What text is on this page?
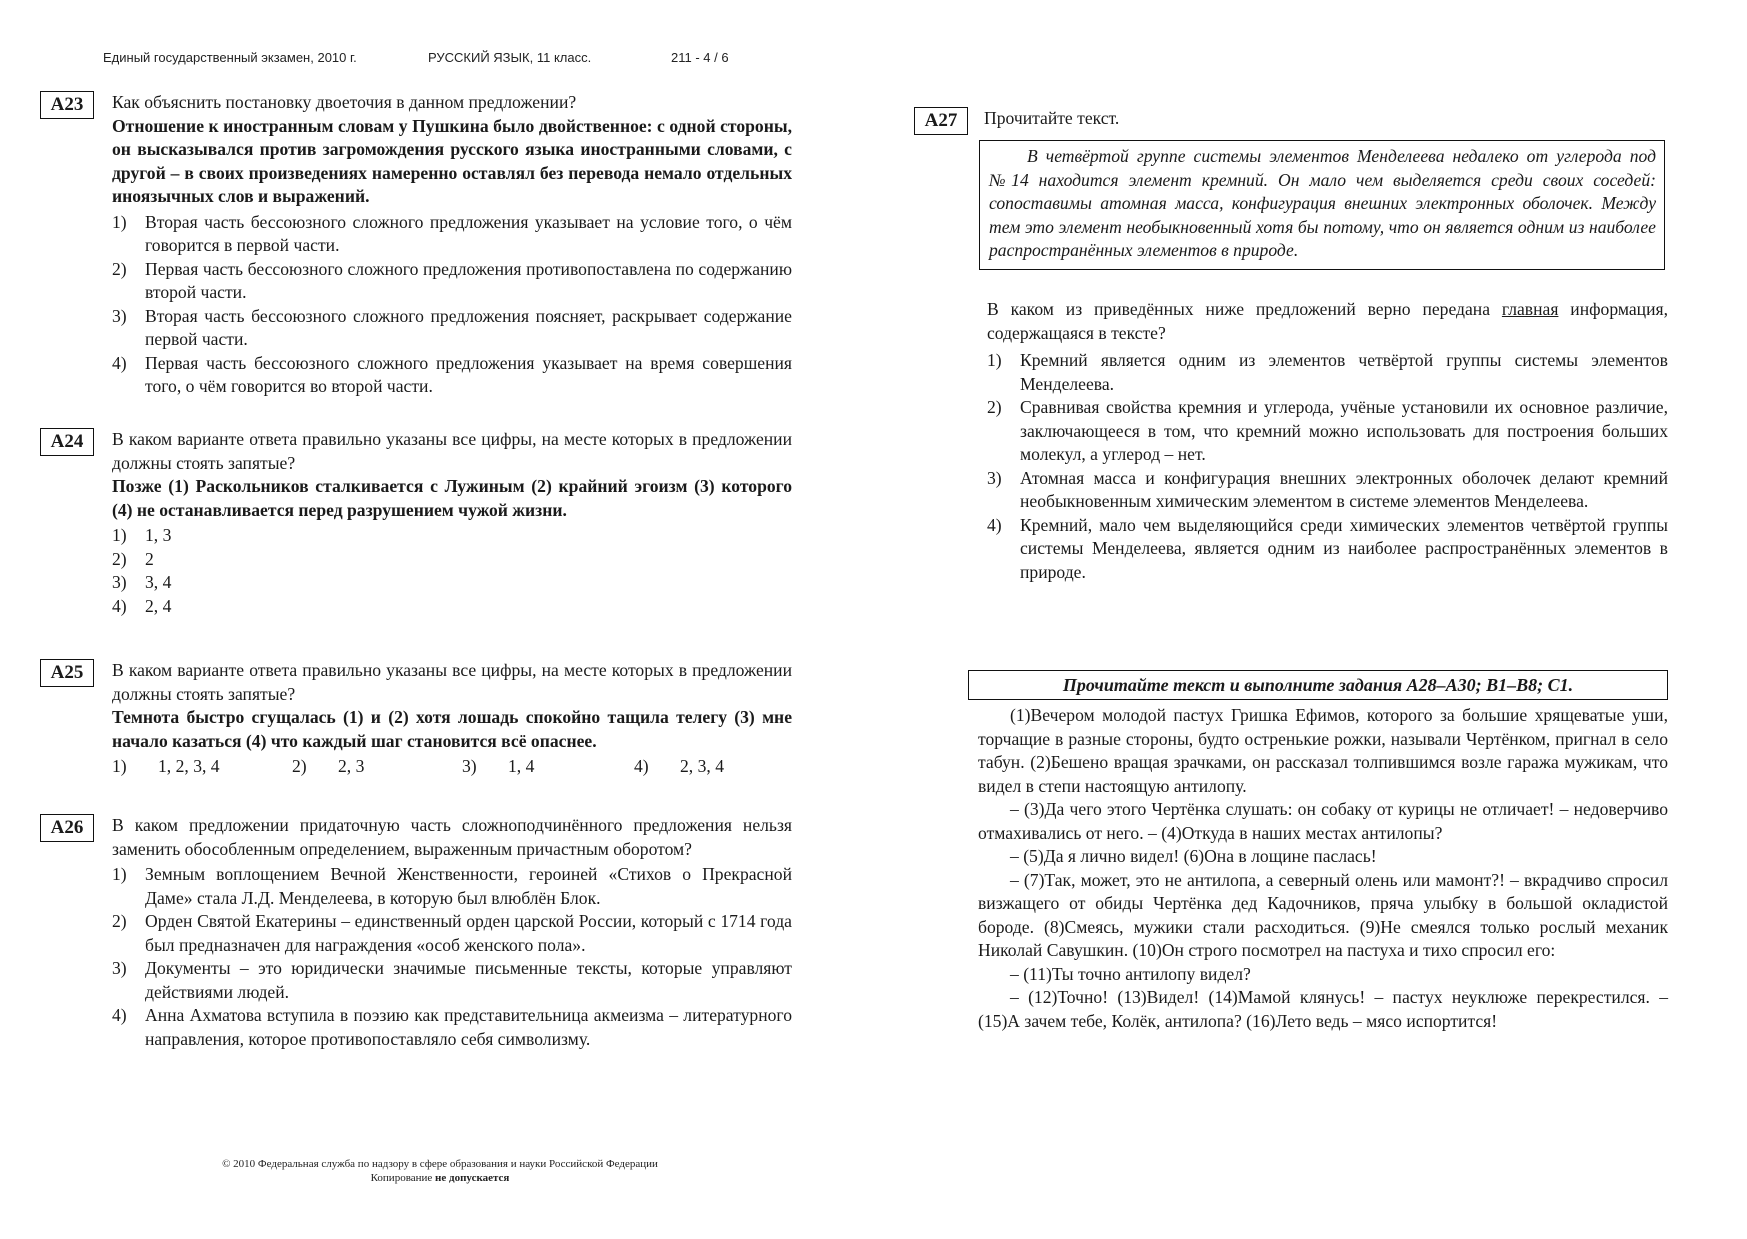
Единый государственный экзамен, 2010 г.	РУССКИЙ ЯЗЫК, 11 класс.	211 - 4 / 6
А23	Как объяснить постановку двоеточия в данном предложении?

Отношение к иностранным словам у Пушкина было двойственное: с одной стороны, он высказывался против загромождения русского языка иностранными словами, с другой – в своих произведениях намеренно оставлял без перевода немало отдельных иноязычных слов и выражений.

1) Вторая часть бессоюзного сложного предложения указывает на условие того, о чём говорится в первой части.
2) Первая часть бессоюзного сложного предложения противопоставлена по содержанию второй части.
3) Вторая часть бессоюзного сложного предложения поясняет, раскрывает содержание первой части.
4) Первая часть бессоюзного сложного предложения указывает на время совершения того, о чём говорится во второй части.
А24	В каком варианте ответа правильно указаны все цифры, на месте которых в предложении должны стоять запятые?

Позже (1) Раскольников сталкивается с Лужиным (2) крайний эгоизм (3) которого (4) не останавливается перед разрушением чужой жизни.

1) 1, 3
2) 2
3) 3, 4
4) 2, 4
А25	В каком варианте ответа правильно указаны все цифры, на месте которых в предложении должны стоять запятые?

Темнота быстро сгущалась (1) и (2) хотя лошадь спокойно тащила телегу (3) мне начало казаться (4) что каждый шаг становится всё опаснее.

1)	1, 2, 3, 4	2)	2, 3	3)	1, 4	4)	2, 3, 4
А26	В каком предложении придаточную часть сложноподчинённого предложения нельзя заменить обособленным определением, выраженным причастным оборотом?

1) Земным воплощением Вечной Женственности, героиней «Стихов о Прекрасной Даме» стала Л.Д. Менделеева, в которую был влюблён Блок.
2) Орден Святой Екатерины – единственный орден царской России, который с 1714 года был предназначен для награждения «особ женского пола».
3) Документы – это юридически значимые письменные тексты, которые управляют действиями людей.
4) Анна Ахматова вступила в поэзию как представительница акмеизма – литературного направления, которое противопоставляло себя символизму.
© 2010 Федеральная служба по надзору в сфере образования и науки Российской Федерации
Копирование не допускается
А27	Прочитайте текст.

В четвёртой группе системы элементов Менделеева недалеко от углерода под №14 находится элемент кремний. Он мало чем выделяется среди своих соседей: сопоставимы атомная масса, конфигурация внешних электронных оболочек. Между тем это элемент необыкновенный хотя бы потому, что он является одним из наиболее распространённых элементов в природе.

В каком из приведённых ниже предложений верно передана главная информация, содержащаяся в тексте?

1) Кремний является одним из элементов четвёртой группы системы элементов Менделеева.
2) Сравнивая свойства кремния и углерода, учёные установили их основное различие, заключающееся в том, что кремний можно использовать для построения больших молекул, а углерод – нет.
3) Атомная масса и конфигурация внешних электронных оболочек делают кремний необыкновенным химическим элементом в системе элементов Менделеева.
4) Кремний, мало чем выделяющийся среди химических элементов четвёртой группы системы Менделеева, является одним из наиболее распространённых элементов в природе.
Прочитайте текст и выполните задания А28–А30; В1–В8; С1.

(1)Вечером молодой пастух Гришка Ефимов, которого за большие хрящеватые уши, торчащие в разные стороны, будто остренькие рожки, называли Чертёнком, пригнал в село табун. (2)Бешено вращая зрачками, он рассказал толпившимся возле гаража мужикам, что видел в степи настоящую антилопу.

– (3)Да чего этого Чертёнка слушать: он собаку от курицы не отличает! – недоверчиво отмахивались от него. – (4)Откуда в наших местах антилопы?

– (5)Да я лично видел! (6)Она в лощине паслась!

– (7)Так, может, это не антилопа, а северный олень или мамонт?! – вкрадчиво спросил визжащего от обиды Чертёнка дед Кадочников, пряча улыбку в большой окладистой бороде. (8)Смеясь, мужики стали расходиться. (9)Не смеялся только рослый механик Николай Савушкин. (10)Он строго посмотрел на пастуха и тихо спросил его:

– (11)Ты точно антилопу видел?

– (12)Точно! (13)Видел! (14)Мамой клянусь! – пастух неуклюже перекрестился. – (15)А зачем тебе, Колёк, антилопа? (16)Лето ведь – мясо испортится!
